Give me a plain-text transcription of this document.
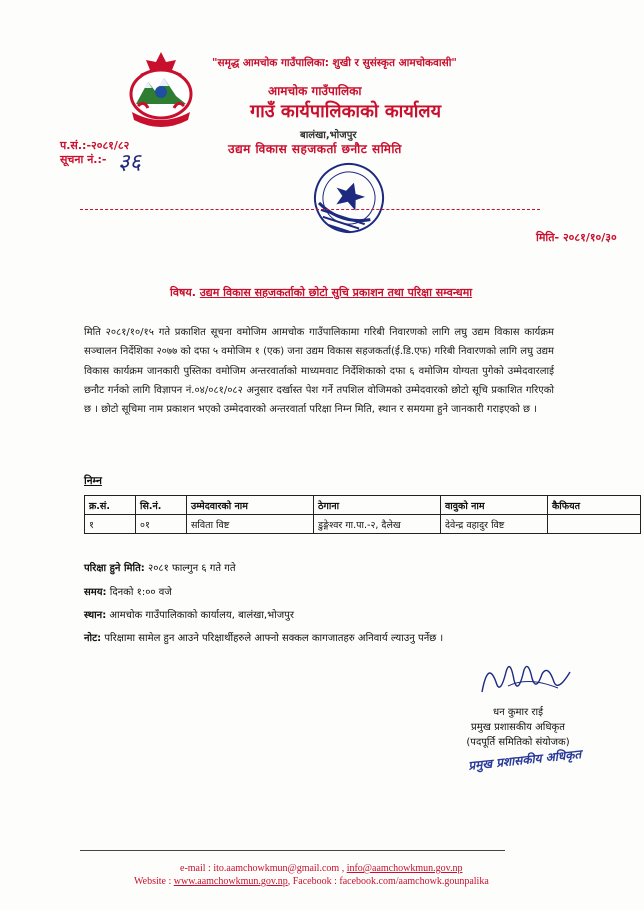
"समृद्ध आमचोक गाउँपालिका: शुखी र सुसंस्कृत आमचोकवासी"
आमचोक गाउँपालिका
गाउँ कार्यपालिकाको कार्यालय
बालंखा,भोजपुर
उद्यम विकास सहजकर्ता छनौट समिति
प.सं.:-२०८१/८२
सूचना नं.:- ३६
मिति- २०८१/१०/३०
विषय. उद्यम विकास सहजकर्ताको छोटो सुचि प्रकाशन तथा परिक्षा सम्वन्धमा
मिति २०८१/१०/१५ गते प्रकाशित सूचना वमोजिम आमचोक गाउँपालिकामा गरिबी निवारणको लागि लघु उद्यम विकास कार्यक्रम सञ्चालन निर्देशिका २०७७ को दफा ५ वमोजिम १ (एक) जना उद्यम विकास सहजकर्ता(ई.डि.एफ) गरिबी निवारणको लागि लघु उद्यम विकास कार्यक्रम जानकारी पुस्तिका वमोजिम अन्तरवार्ताको माध्यमवाट निर्देशिकाको दफा ६ वमोजिम योग्यता पुगेको उम्मेदवारलाई छनौट गर्नको लागि विज्ञापन नं.०४/०८१/०८२ अनुसार दर्खास्त पेश गर्ने तपशिल वोजिमको उम्मेदवारको छोटो सूचि प्रकाशित गरिएको छ । छोटो सूचिमा नाम प्रकाशन भएको उम्मेदवारको अन्तरवार्ता परिक्षा निम्न मिति, स्थान र समयमा हुने जानकारी गराइएको छ ।
निम्न
क्र.सं.	सि.नं.	उम्मेदवारको नाम	ठेगाना	वावुको नाम	कैफियत
१	०१	सविता विष्ट	डुङ्गेश्वर गा.पा.-२, दैलेख	देवेन्द्र वहादुर विष्ट	
परिक्षा हुने मिति: २०८१ फाल्गुन ६ गते गते
समय: दिनको १:०० वजे
स्थान: आमचोक गाउँपालिकाको कार्यालय, बालंखा,भोजपुर
नोट: परिक्षामा सामेल हुन आउने परिक्षार्थीहरुले आफ्नो सक्कल कागजातहरु अनिवार्य ल्याउनु पर्नेछ ।
धन कुमार राई
प्रमुख प्रशासकीय अधिकृत
(पदपूर्ति समितिको संयोजक)
प्रमुख प्रशासकीय अधिकृत
e-mail : ito.aamchowkmun@gmail.com , info@aamchowkmun.gov.np
Website : www.aamchowkmun.gov.np, Facebook : facebook.com/aamchowk.gounpalika
